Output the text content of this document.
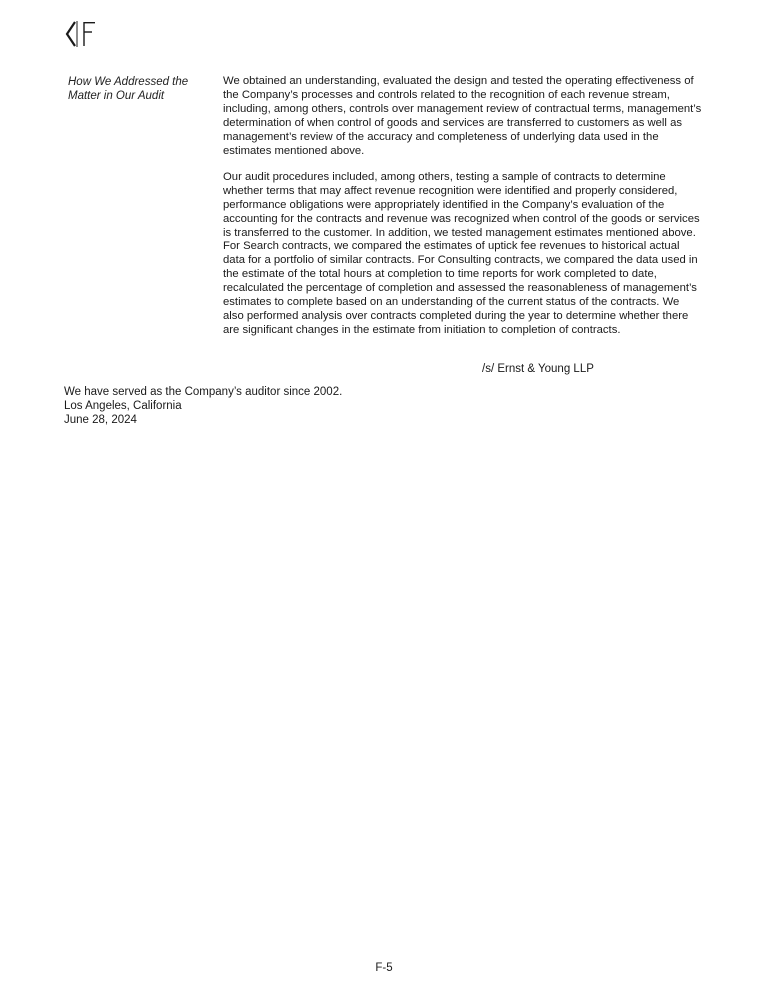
How We Addressed the
Matter in Our Audit

We obtained an understanding, evaluated the design and tested the operating effectiveness of the Company’s processes and controls related to the recognition of each revenue stream, including, among others, controls over management review of contractual terms, management’s determination of when control of goods and services are transferred to customers as well as management’s review of the accuracy and completeness of underlying data used in the estimates mentioned above.

Our audit procedures included, among others, testing a sample of contracts to determine whether terms that may affect revenue recognition were identified and properly considered, performance obligations were appropriately identified in the Company’s evaluation of the accounting for the contracts and revenue was recognized when control of the goods or services is transferred to the customer. In addition, we tested management estimates mentioned above. For Search contracts, we compared the estimates of uptick fee revenues to historical actual data for a portfolio of similar contracts. For Consulting contracts, we compared the data used in the estimate of the total hours at completion to time reports for work completed to date, recalculated the percentage of completion and assessed the reasonableness of management’s estimates to complete based on an understanding of the current status of the contracts. We also performed analysis over contracts completed during the year to determine whether there are significant changes in the estimate from initiation to completion of contracts.

/s/ Ernst & Young LLP
We have served as the Company’s auditor since 2002.
Los Angeles, California
June 28, 2024
F-5
